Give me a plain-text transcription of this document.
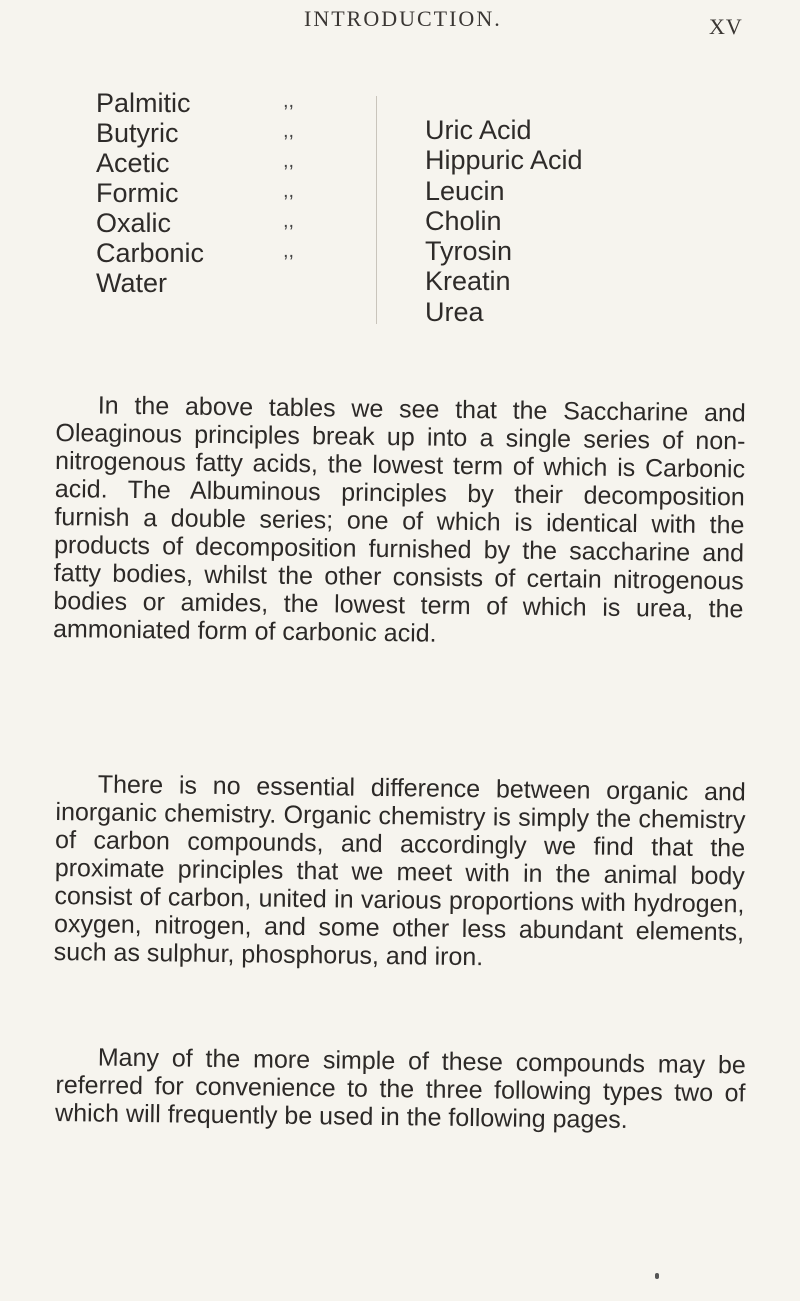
INTRODUCTION.	XV
Palmitic	,,
Butyric	,,
Acetic	,,
Formic	,,
Oxalic	,,
Carbonic	,,
Water
Uric Acid
Hippuric Acid
Leucin
Cholin
Tyrosin
Kreatin
Urea

In the above tables we see that the Saccharine and Oleaginous principles break up into a single series of non-nitrogenous fatty acids, the lowest term of which is Carbonic acid. The Albuminous principles by their decomposition furnish a double series; one of which is identical with the products of decomposition furnished by the saccharine and fatty bodies, whilst the other consists of certain nitrogenous bodies or amides, the lowest term of which is urea, the ammoniated form of carbonic acid.

There is no essential difference between organic and inorganic chemistry. Organic chemistry is simply the chemistry of carbon compounds, and accordingly we find that the proximate principles that we meet with in the animal body consist of carbon, united in various proportions with hydrogen, oxygen, nitrogen, and some other less abundant elements, such as sulphur, phosphorus, and iron.

Many of the more simple of these compounds may be referred for convenience to the three following types two of which will frequently be used in the following pages.
